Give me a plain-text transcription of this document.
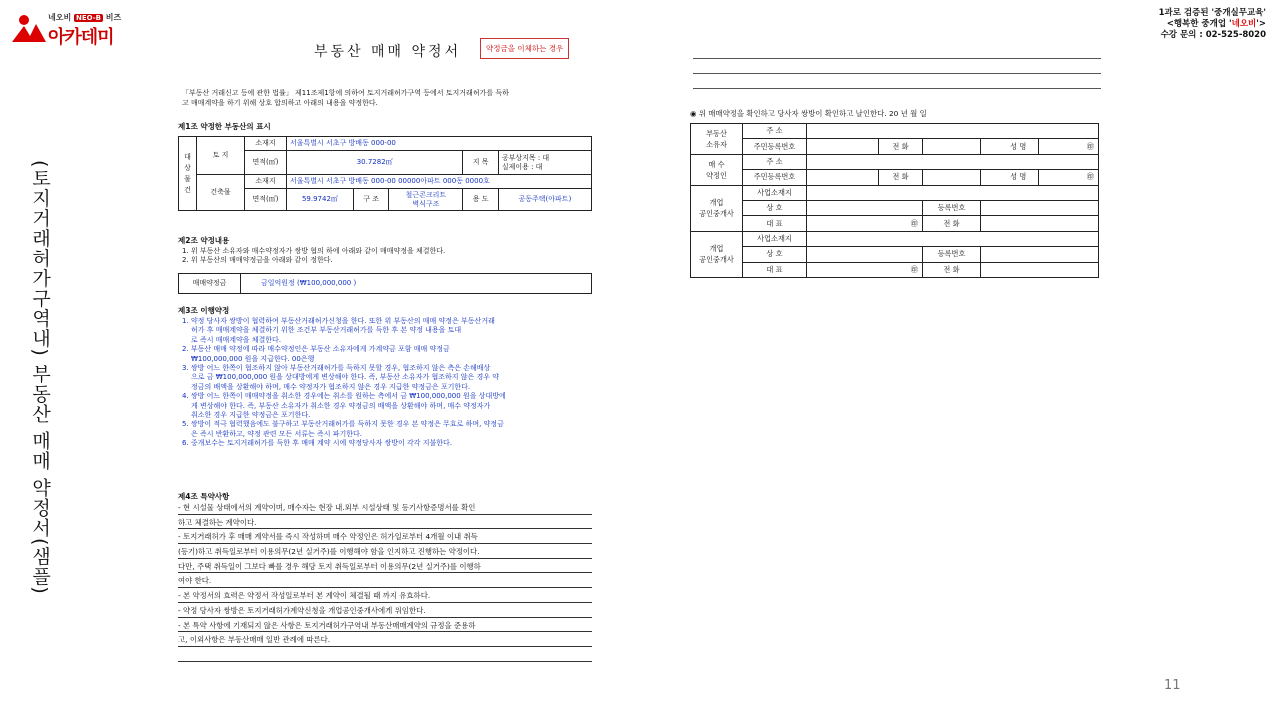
네오비 NEO-B 비즈
아카데미
1과로 검증된 '중개실무교육'
<행복한 중개업 '네오비'>
수강 문의 : 02-525-8020
(토지거래허가구역내) 부동산 매매 약정서(샘플)
11
부동산 매매 약정서	약정금을 이체하는 경우
「부동산 거래신고 등에 관한 법률」 제11조제1항에 의하여 토지거래허가구역 등에서 토지거래허가를 득하
고 매매계약을 하기 위해 상호 합의하고 아래의 내용을 약정한다.
제1조 약정한 부동산의 표시
대 상 물 건	토 지	소재지	서울특별시 서초구 방배동 000-00				
		면적(㎡)	30.7282㎡			지 목	공부상지목 : 대
실제이용 : 대

	건축물	소재지	서울특별시 서초구 방배동 000-00 00000아파트 000동 0000호				
		면적(㎡)	59.9742㎡	구 조	철근콘크리트
벽식구조	용 도	공동주택(아파트)
제2조 약정내용

1. 위 부동산 소유자와 매수약정자가 쌍방 협의 하에 아래와 같이 매매약정을 체결한다.

2. 위 부동산의 매매약정금을 아래와 같이 정한다.

매매약정금	금일억원정 (₩100,000,000 )
제3조 이행약정

1. 약정 당사자 쌍방이 협력하여 부동산거래허가신청을 한다. 또한 위 부동산의 매매 약정은 부동산거래

허가 후 매매계약을 체결하기 위한 조건부 부동산거래허가를 득한 후 본 약정 내용을 토대

로 즉시 매매계약을 체결한다.

2. 부동산 매매 약정에 따라 매수약정인은 부동산 소유자에게 가계약금 포함 매매 약정금

₩100,000,000 원을 지급한다. 00은행

3. 쌍방 어느 한쪽이 협조하지 않아 부동산거래허가를 득하지 못할 경우, 협조하지 않은 측은 손해배상

으로 금 ₩100,000,000 원을 상대방에게 변상해야 한다. 즉, 부동산 소유자가 협조하지 않은 경우 약

정금의 배액을 상환해야 하며, 매수 약정자가 협조하지 않은 경우 지급한 약정금은 포기한다.

4. 쌍방 어느 한쪽이 매매약정을 취소한 경우에는 취소를 원하는 측에서 금 ₩100,000,000 원을 상대방에

게 변상해야 한다. 즉, 부동산 소유자가 취소한 경우 약정금의 배액을 상환해야 하며, 매수 약정자가

취소한 경우 지급한 약정금은 포기한다.

5. 쌍방이 적극 협력했음에도 불구하고 부동산거래허가를 득하지 못한 경우 본 약정은 무효로 하며, 약정금

은 즉시 반환하고, 약정 관련 모든 서류는 즉시 파기한다.

6. 중개보수는 토지거래허가를 득한 후 매매 계약 시에 약정당사자 쌍방이 각각 지불한다.

제4조 특약사항
- 현 시설물 상태에서의 계약이며, 매수자는 현장 내.외부 시설상태 및 등기사항증명서를 확인
하고 체결하는 계약이다.
- 토지거래허가 후 매매 계약서를 즉시 작성하며 매수 약정인은 허가일로부터 4개월 이내 취득
(등기)하고 취득일로부터 이용의무(2년 실거주)를 이행해야 함을 인지하고 진행하는 약정이다.
다만, 주택 취득일이 그보다 빠를 경우 해당 토지 취득일로부터 이용의무(2년 실거주)를 이행하
여야 한다.
- 본 약정서의 효력은 약정서 작성일로부터 본 계약이 체결될 때 까지 유효하다.
- 약정 당사자 쌍방은 토지거래허가계약신청을 개업공인중개사에게 위임한다.
- 본 특약 사항에 기재되지 않은 사항은 토지거래허가구역내 부동산매매계약의 규정을 준용하
고, 이외사항은 부동산매매 일반 관례에 따른다.
◉ 위 매매약정을 확인하고 당사자 쌍방이 확인하고 날인한다. 20 년 월 일
부동산
소유자	주 소						
	주민등록번호		전 화			성 명	㊞
매 수
약정인	주 소						
	주민등록번호		전 화			성 명	㊞
개업
공인중개사	사업소재지						
	상 호			등록번호			
	대 표	㊞		전 화			
개업
공인중개사	사업소재지						
	상 호			등록번호			
	대 표	㊞		전 화			
